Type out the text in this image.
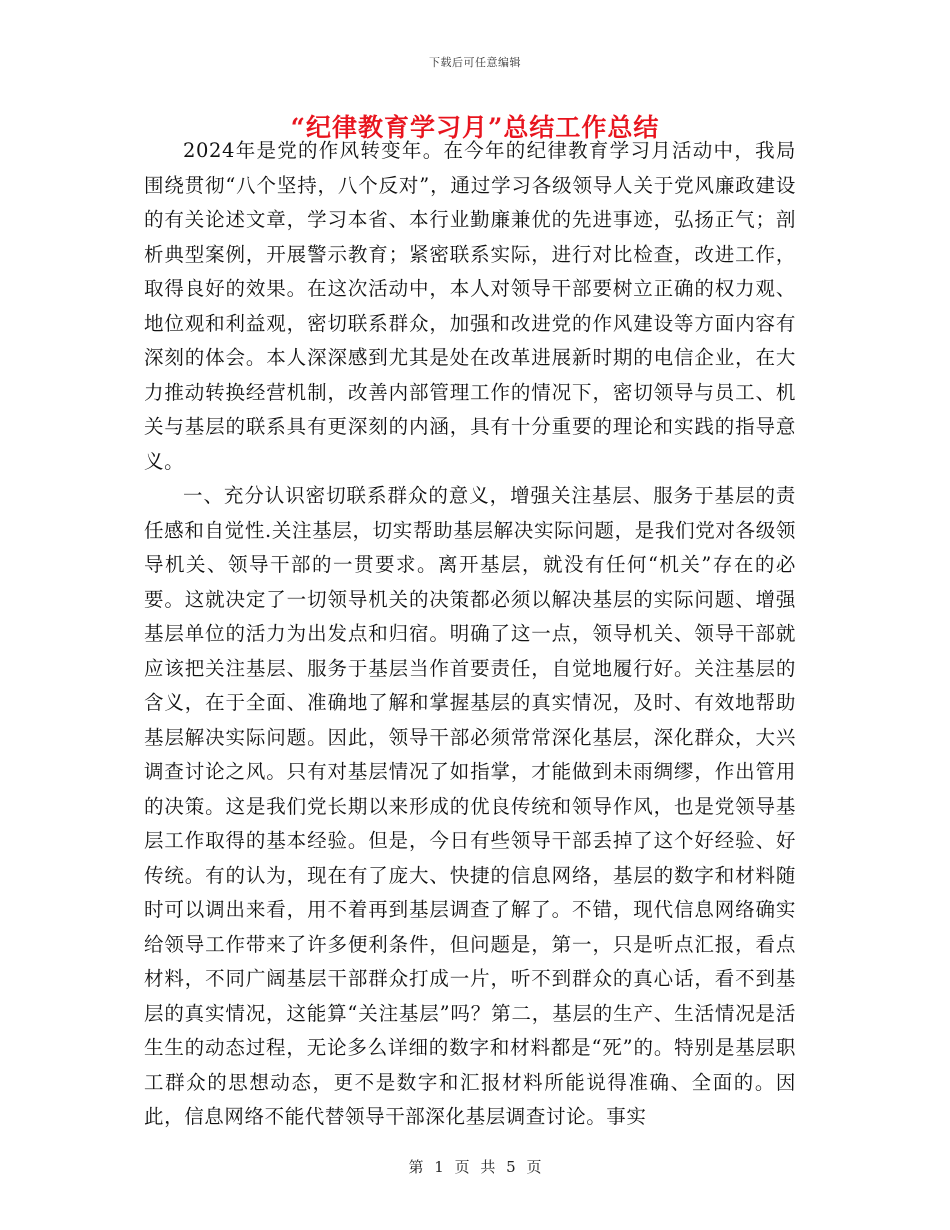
下载后可任意编辑
“纪律教育学习月”总结工作总结

2024年是党的作风转变年。在今年的纪律教育学习月活动中，我局围绕贯彻“八个坚持，八个反对”，通过学习各级领导人关于党风廉政建设的有关论述文章，学习本省、本行业勤廉兼优的先进事迹，弘扬正气；剖析典型案例，开展警示教育；紧密联系实际，进行对比检查，改进工作，取得良好的效果。在这次活动中，本人对领导干部要树立正确的权力观、地位观和利益观，密切联系群众，加强和改进党的作风建设等方面内容有深刻的体会。本人深深感到尤其是处在改革进展新时期的电信企业，在大力推动转换经营机制，改善内部管理工作的情况下，密切领导与员工、机关与基层的联系具有更深刻的内涵，具有十分重要的理论和实践的指导意义。

一、充分认识密切联系群众的意义，增强关注基层、服务于基层的责任感和自觉性.关注基层，切实帮助基层解决实际问题，是我们党对各级领导机关、领导干部的一贯要求。离开基层，就没有任何“机关”存在的必要。这就决定了一切领导机关的决策都必须以解决基层的实际问题、增强基层单位的活力为出发点和归宿。明确了这一点，领导机关、领导干部就应该把关注基层、服务于基层当作首要责任，自觉地履行好。关注基层的含义，在于全面、准确地了解和掌握基层的真实情况，及时、有效地帮助基层解决实际问题。因此，领导干部必须常常深化基层，深化群众，大兴调查讨论之风。只有对基层情况了如指掌，才能做到未雨绸缪，作出管用的决策。这是我们党长期以来形成的优良传统和领导作风，也是党领导基层工作取得的基本经验。但是，今日有些领导干部丢掉了这个好经验、好传统。有的认为，现在有了庞大、快捷的信息网络，基层的数字和材料随时可以调出来看，用不着再到基层调查了解了。不错，现代信息网络确实给领导工作带来了许多便利条件，但问题是，第一，只是听点汇报，看点材料，不同广阔基层干部群众打成一片，听不到群众的真心话，看不到基层的真实情况，这能算“关注基层”吗？第二，基层的生产、生活情况是活生生的动态过程，无论多么详细的数字和材料都是“死”的。特别是基层职工群众的思想动态，更不是数字和汇报材料所能说得准确、全面的。因此，信息网络不能代替领导干部深化基层调查讨论。事实

第 1 页 共 5 页
